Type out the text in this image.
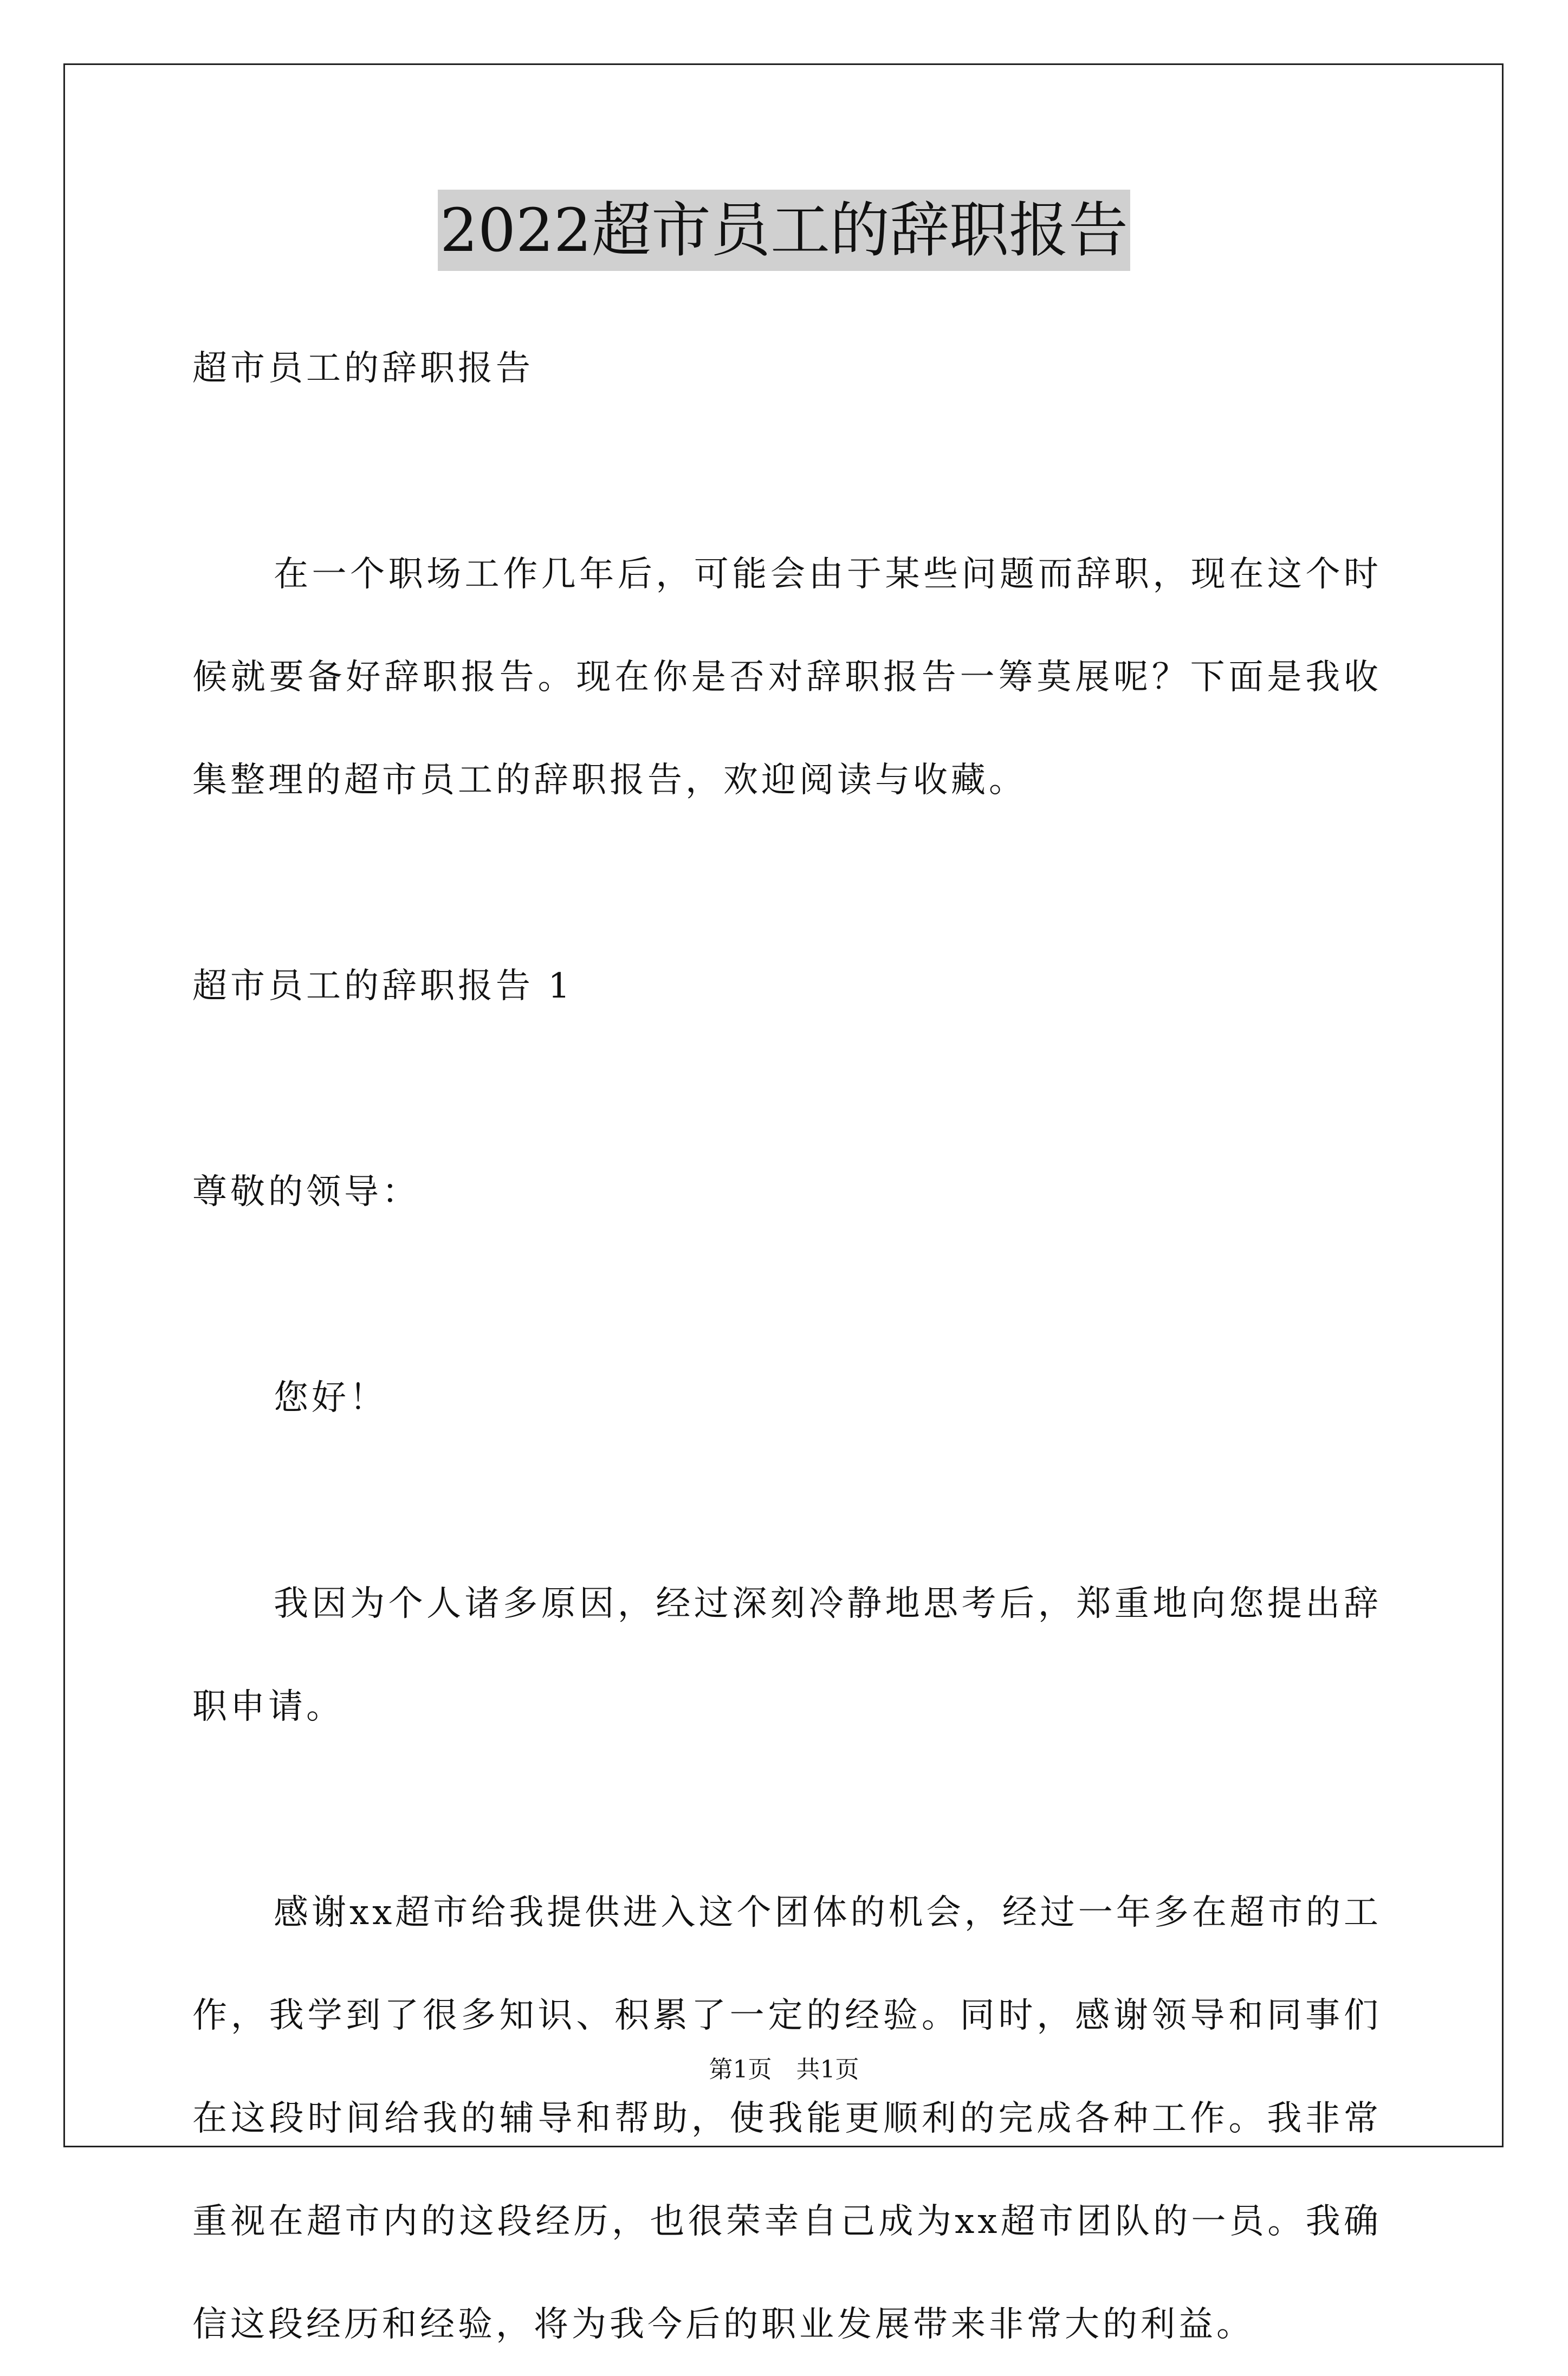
2022超市员工的辞职报告

超市员工的辞职报告

在一个职场工作几年后，可能会由于某些问题而辞职，现在这个时候就要备好辞职报告。现在你是否对辞职报告一筹莫展呢？下面是我收集整理的超市员工的辞职报告，欢迎阅读与收藏。

超市员工的辞职报告 1

尊敬的领导：

您好！

我因为个人诸多原因，经过深刻冷静地思考后，郑重地向您提出辞职申请。

感谢xx超市给我提供进入这个团体的机会，经过一年多在超市的工作，我学到了很多知识、积累了一定的经验。同时，感谢领导和同事们在这段时间给我的辅导和帮助，使我能更顺利的完成各种工作。我非常重视在超市内的这段经历，也很荣幸自己成为xx超市团队的一员。我确信这段经历和经验，将为我今后的职业发展带来非常大的利益。

第1页 共1页
